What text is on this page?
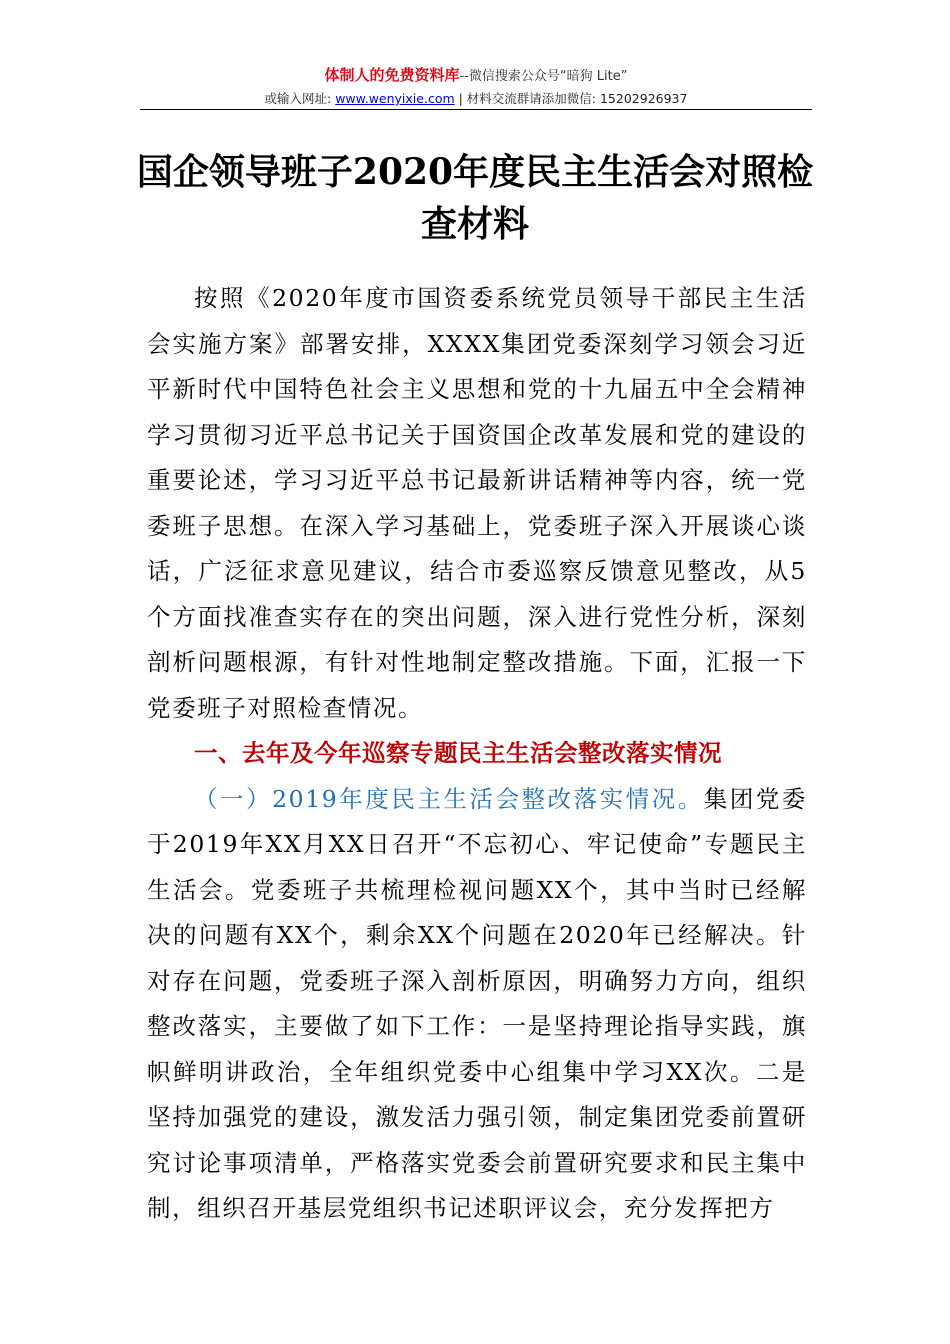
体制人的免费资料库--微信搜索公众号“暗狗 Lite”
或输入网址: www.wenyixie.com | 材料交流群请添加微信: 15202926937
国企领导班子2020年度民主生活会对照检查材料

按照《2020年度市国资委系统党员领导干部民主生活会实施方案》部署安排，XXXX集团党委深刻学习领会习近平新时代中国特色社会主义思想和党的十九届五中全会精神学习贯彻习近平总书记关于国资国企改革发展和党的建设的重要论述，学习习近平总书记最新讲话精神等内容，统一党委班子思想。在深入学习基础上，党委班子深入开展谈心谈话，广泛征求意见建议，结合市委巡察反馈意见整改，从5个方面找准查实存在的突出问题，深入进行党性分析，深刻剖析问题根源，有针对性地制定整改措施。下面，汇报一下党委班子对照检查情况。

一、去年及今年巡察专题民主生活会整改落实情况

（一）2019年度民主生活会整改落实情况。集团党委于2019年XX月XX日召开“不忘初心、牢记使命”专题民主生活会。党委班子共梳理检视问题XX个，其中当时已经解决的问题有XX个，剩余XX个问题在2020年已经解决。针对存在问题，党委班子深入剖析原因，明确努力方向，组织整改落实，主要做了如下工作：一是坚持理论指导实践，旗帜鲜明讲政治，全年组织党委中心组集中学习XX次。二是坚持加强党的建设，激发活力强引领，制定集团党委前置研究讨论事项清单，严格落实党委会前置研究要求和民主集中制，组织召开基层党组织书记述职评议会，充分发挥把方
